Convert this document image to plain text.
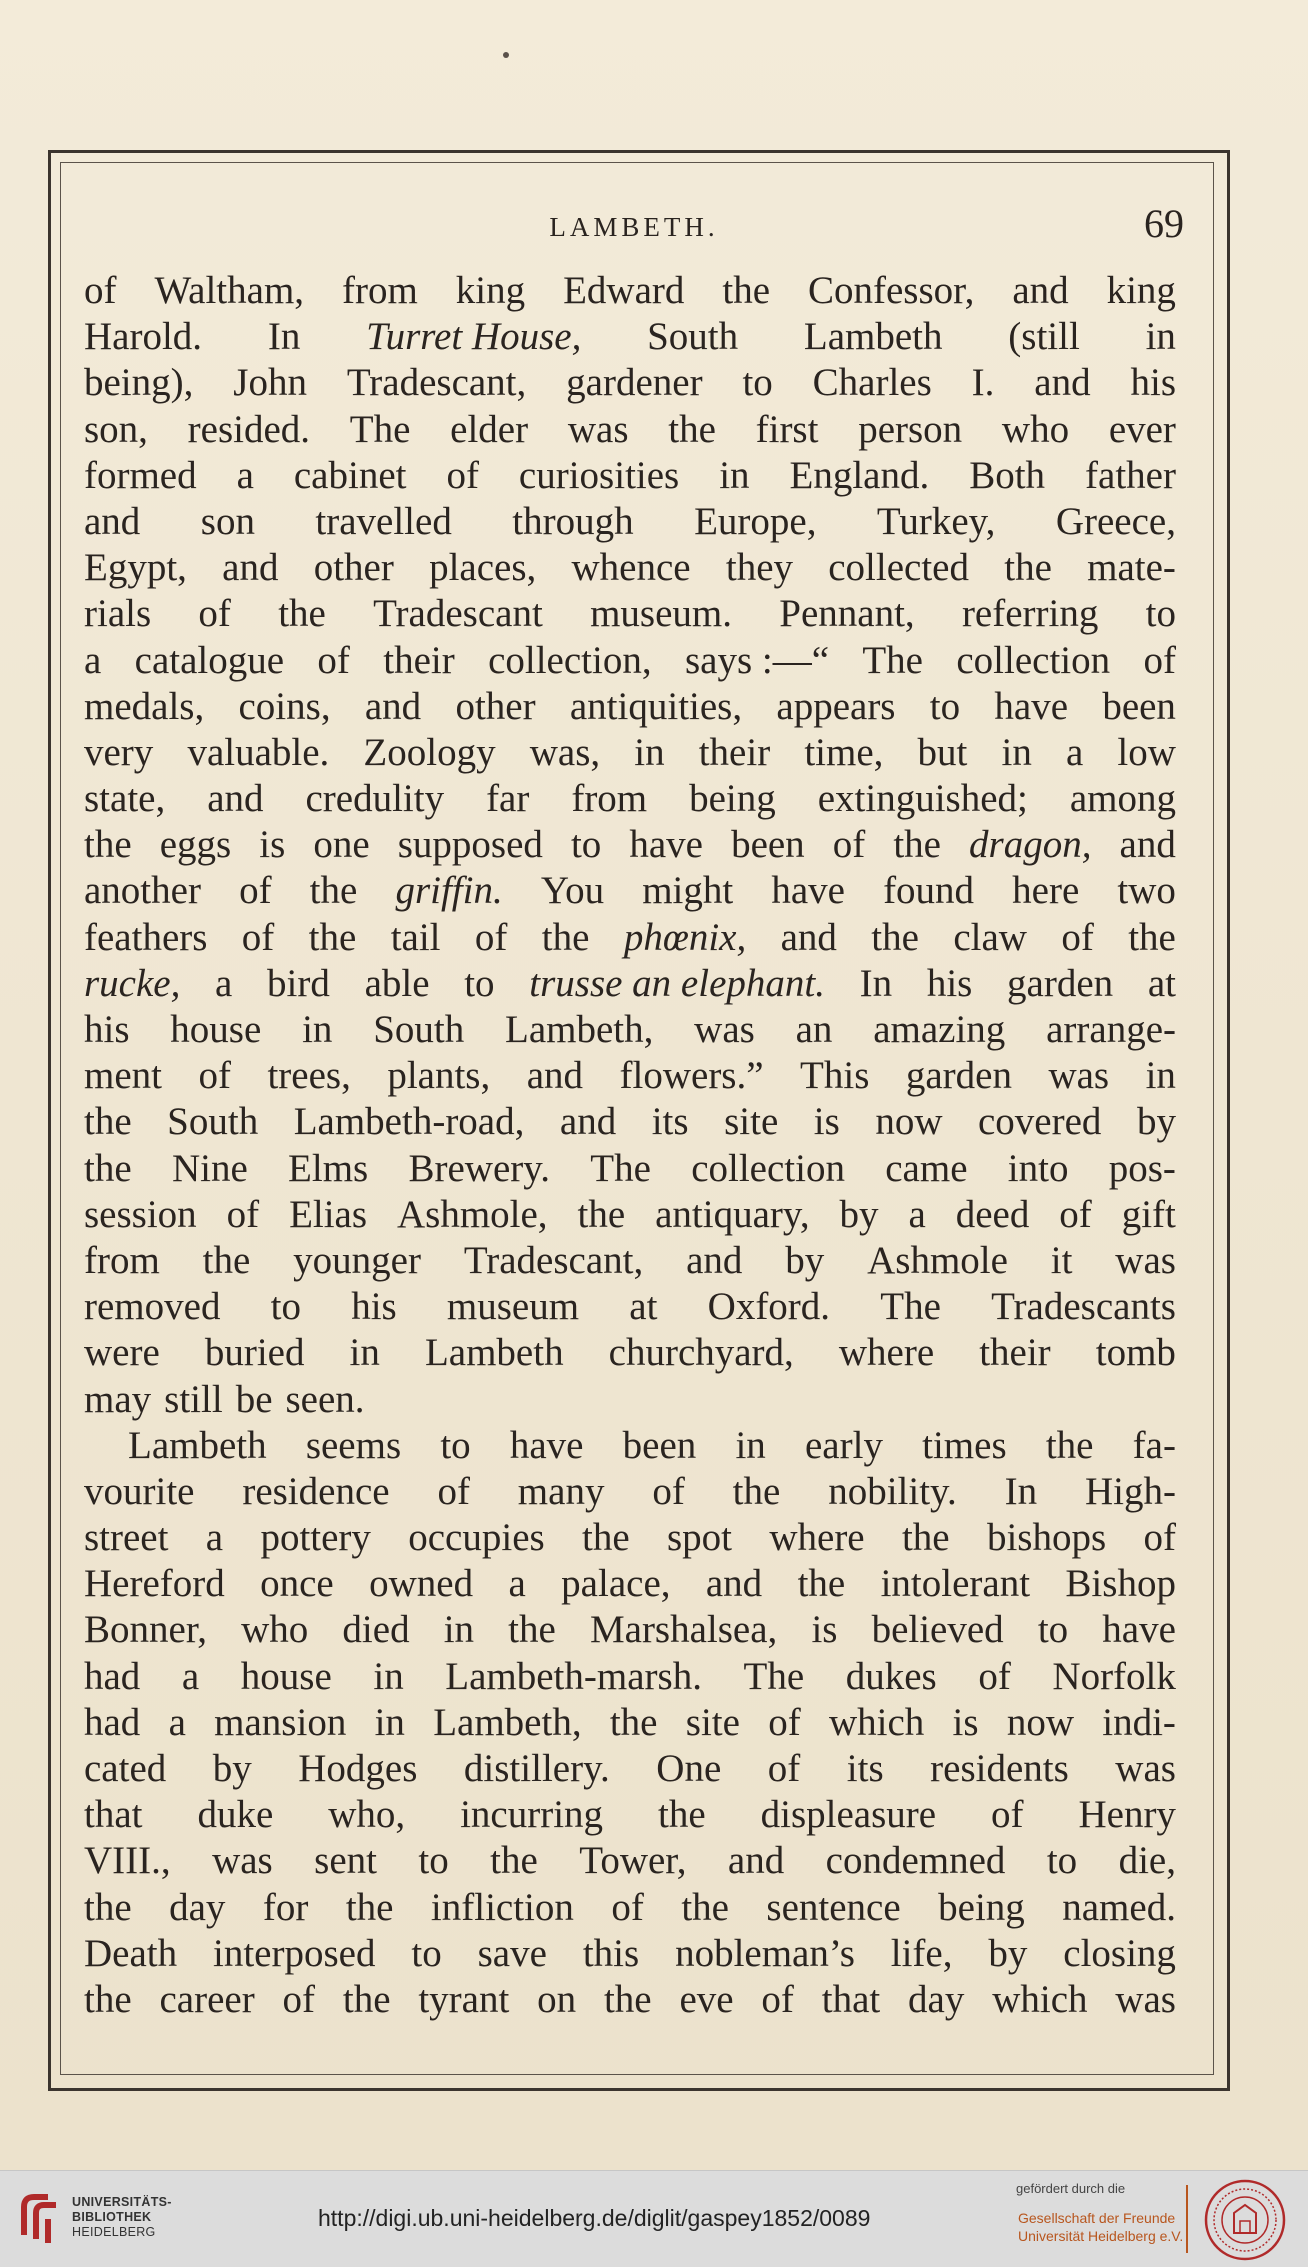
LAMBETH.	69
of Waltham, from king Edward the Confessor, and king
Harold. In Turret House, South Lambeth (still in
being), John Tradescant, gardener to Charles I. and his
son, resided. The elder was the first person who ever
formed a cabinet of curiosities in England. Both father
and son travelled through Europe, Turkey, Greece,
Egypt, and other places, whence they collected the mate-
rials of the Tradescant museum. Pennant, referring to
a catalogue of their collection, says :—“ The collection of
medals, coins, and other antiquities, appears to have been
very valuable. Zoology was, in their time, but in a low
state, and credulity far from being extinguished; among
the eggs is one supposed to have been of the dragon, and
another of the griffin. You might have found here two
feathers of the tail of the phœnix, and the claw of the
rucke, a bird able to trusse an elephant. In his garden at
his house in South Lambeth, was an amazing arrange-
ment of trees, plants, and flowers.” This garden was in
the South Lambeth-road, and its site is now covered by
the Nine Elms Brewery. The collection came into pos-
session of Elias Ashmole, the antiquary, by a deed of gift
from the younger Tradescant, and by Ashmole it was
removed to his museum at Oxford. The Tradescants
were buried in Lambeth churchyard, where their tomb
may still be seen.
Lambeth seems to have been in early times the fa-
vourite residence of many of the nobility. In High-
street a pottery occupies the spot where the bishops of
Hereford once owned a palace, and the intolerant Bishop
Bonner, who died in the Marshalsea, is believed to have
had a house in Lambeth-marsh. The dukes of Norfolk
had a mansion in Lambeth, the site of which is now indi-
cated by Hodges distillery. One of its residents was
that duke who, incurring the displeasure of Henry
VIII., was sent to the Tower, and condemned to die,
the day for the infliction of the sentence being named.
Death interposed to save this nobleman’s life, by closing
the career of the tyrant on the eve of that day which was
UNIVERSITÄTS-
BIBLIOTHEK
HEIDELBERG
http://digi.ub.uni-heidelberg.de/diglit/gaspey1852/0089
gefördert durch die
Gesellschaft der Freunde
Universität Heidelberg e.V.
